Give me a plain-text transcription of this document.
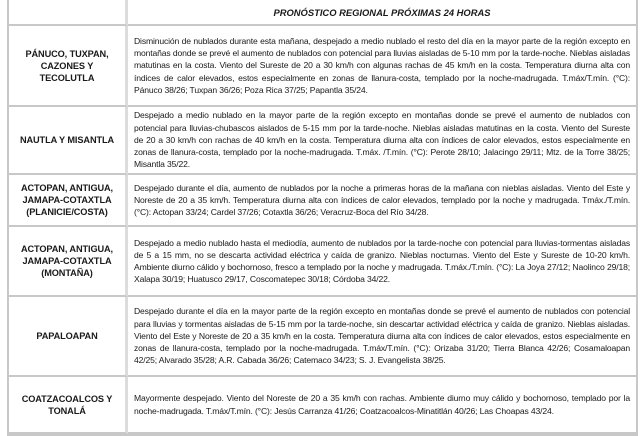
	PRONÓSTICO REGIONAL PRÓXIMAS 24 HORAS
PÁNUCO, TUXPAN, CAZONES Y TECOLUTLA	Disminución de nublados durante esta mañana, despejado a medio nublado el resto del día en la mayor parte de la región excepto en montañas donde se prevé el aumento de nublados con potencial para lluvias aisladas de 5-10 mm por la tarde-noche. Nieblas aisladas matutinas en la costa. Viento del Sureste de 20 a 30 km/h con algunas rachas de 45 km/h en la costa. Temperatura diurna alta con índices de calor elevados, estos especialmente en zonas de llanura-costa, templado por la noche-madrugada. T.máx/T.mín. (°C): Pánuco 38/26; Tuxpan 36/26; Poza Rica 37/25; Papantla 35/24.
NAUTLA Y MISANTLA	Despejado a medio nublado en la mayor parte de la región excepto en montañas donde se prevé el aumento de nublados con potencial para lluvias-chubascos aislados de 5-15 mm por la tarde-noche. Nieblas aisladas matutinas en la costa. Viento del Sureste de 20 a 30 km/h con rachas de 40 km/h en la costa. Temperatura diurna alta con índices de calor elevados, estos especialmente en zonas de llanura-costa, templado por la noche-madrugada. T.máx. /T.mín. (°C): Perote 28/10; Jalacingo 29/11; Mtz. de la Torre 38/25; Misantla 35/22.
ACTOPAN, ANTIGUA, JAMAPA-COTAXTLA (PLANICIE/COSTA)	Despejado durante el día, aumento de nublados por la noche a primeras horas de la mañana con nieblas aisladas. Viento del Este y Noreste de 20 a 35 km/h. Temperatura diurna alta con índices de calor elevados, templado por la noche y madrugada. Tmáx./T.mín. (°C): Actopan 33/24; Cardel 37/26; Cotaxtla 36/26; Veracruz-Boca del Río 34/28.
ACTOPAN, ANTIGUA, JAMAPA-COTAXTLA (MONTAÑA)	Despejado a medio nublado hasta el mediodía, aumento de nublados por la tarde-noche con potencial para lluvias-tormentas aisladas de 5 a 15 mm, no se descarta actividad eléctrica y caída de granizo. Nieblas nocturnas. Viento del Este y Sureste de 10-20 km/h. Ambiente diurno cálido y bochornoso, fresco a templado por la noche y madrugada. T.máx./T.mín. (°C): La Joya 27/12; Naolinco 29/18; Xalapa 30/19; Huatusco 29/17, Coscomatepec 30/18; Córdoba 34/22.
PAPALOAPAN	Despejado durante el día en la mayor parte de la región excepto en montañas donde se prevé el aumento de nublados con potencial para lluvias y tormentas aisladas de 5-15 mm por la tarde-noche, sin descartar actividad eléctrica y caída de granizo. Nieblas aisladas. Viento del Este y Noreste de 20 a 35 km/h en la costa. Temperatura diurna alta con índices de calor elevados, estos especialmente en zonas de llanura-costa, templado por la noche-madrugada. T.máx/T.mín. (°C): Orizaba 31/20; Tierra Blanca 42/26; Cosamaloapan 42/25; Alvarado 35/28; A.R. Cabada 36/26; Catemaco 34/23; S. J. Evangelista 38/25.
COATZACOALCOS Y TONALÁ	Mayormente despejado. Viento del Noreste de 20 a 35 km/h con rachas. Ambiente diurno muy cálido y bochornoso, templado por la noche-madrugada. T.máx/T.mín. (°C): Jesús Carranza 41/26; Coatzacoalcos-Minatitlán 40/26; Las Choapas 43/24.
